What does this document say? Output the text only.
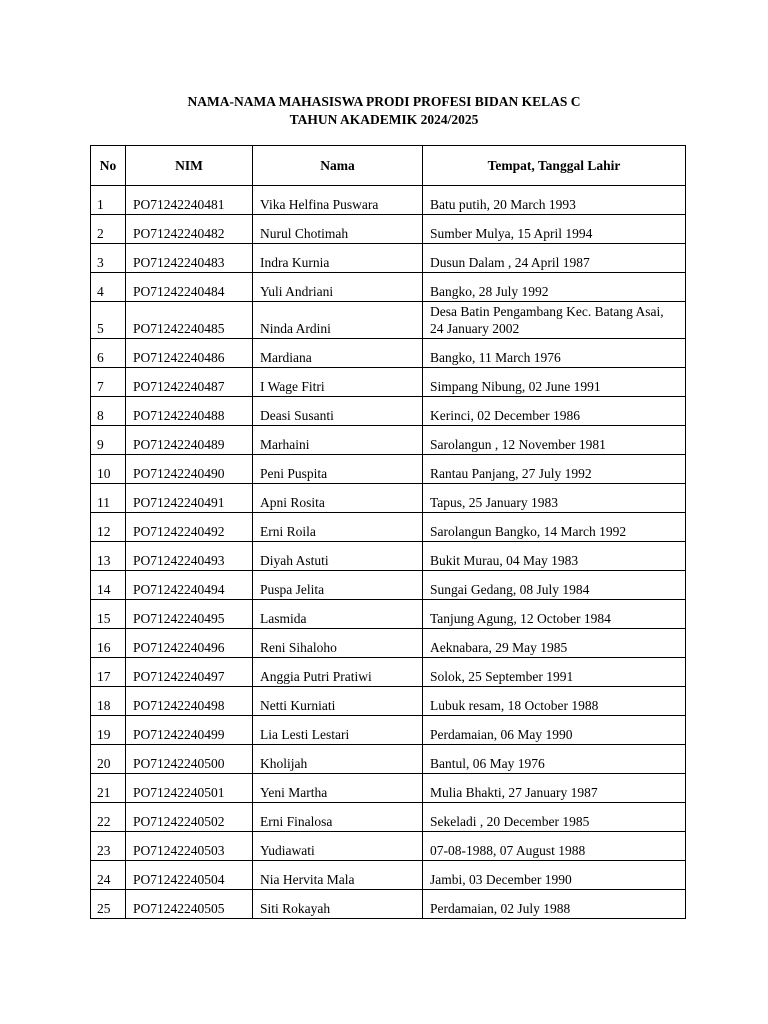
NAMA-NAMA MAHASISWA PRODI PROFESI BIDAN KELAS C
TAHUN AKADEMIK 2024/2025
No	NIM	Nama	Tempat, Tanggal Lahir
1	PO71242240481	Vika Helfina Puswara	Batu putih, 20 March 1993
2	PO71242240482	Nurul Chotimah	Sumber Mulya, 15 April 1994
3	PO71242240483	Indra Kurnia	Dusun Dalam , 24 April 1987
4	PO71242240484	Yuli Andriani	Bangko, 28 July 1992
5	PO71242240485	Ninda Ardini	Desa Batin Pengambang Kec. Batang Asai, 24 January 2002
6	PO71242240486	Mardiana	Bangko, 11 March 1976
7	PO71242240487	I Wage Fitri	Simpang Nibung, 02 June 1991
8	PO71242240488	Deasi Susanti	Kerinci, 02 December 1986
9	PO71242240489	Marhaini	Sarolangun , 12 November 1981
10	PO71242240490	Peni Puspita	Rantau Panjang, 27 July 1992
11	PO71242240491	Apni Rosita	Tapus, 25 January 1983
12	PO71242240492	Erni Roila	Sarolangun Bangko, 14 March 1992
13	PO71242240493	Diyah Astuti	Bukit Murau, 04 May 1983
14	PO71242240494	Puspa Jelita	Sungai Gedang, 08 July 1984
15	PO71242240495	Lasmida	Tanjung Agung, 12 October 1984
16	PO71242240496	Reni Sihaloho	Aeknabara, 29 May 1985
17	PO71242240497	Anggia Putri Pratiwi	Solok, 25 September 1991
18	PO71242240498	Netti Kurniati	Lubuk resam, 18 October 1988
19	PO71242240499	Lia Lesti Lestari	Perdamaian, 06 May 1990
20	PO71242240500	Kholijah	Bantul, 06 May 1976
21	PO71242240501	Yeni Martha	Mulia Bhakti, 27 January 1987
22	PO71242240502	Erni Finalosa	Sekeladi , 20 December 1985
23	PO71242240503	Yudiawati	07-08-1988, 07 August 1988
24	PO71242240504	Nia Hervita Mala	Jambi, 03 December 1990
25	PO71242240505	Siti Rokayah	Perdamaian, 02 July 1988
